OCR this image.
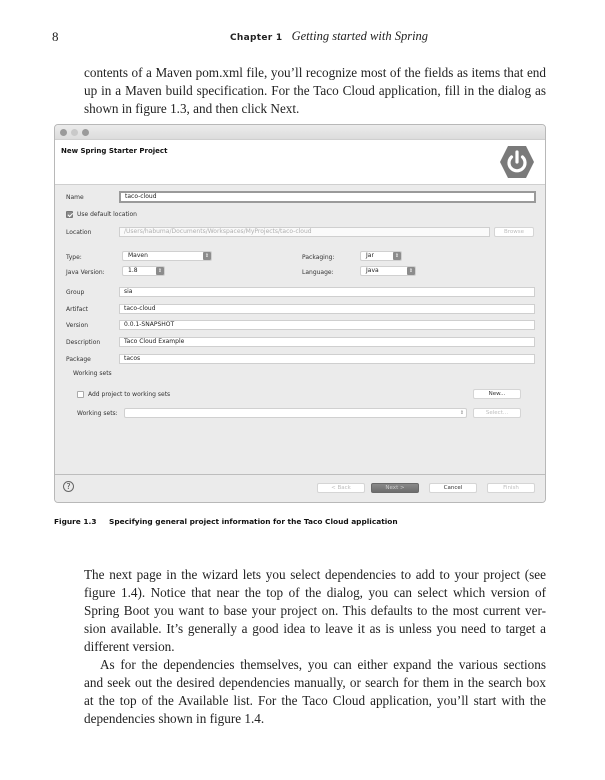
8	Chapter 1 Getting started with Spring
contents of a Maven pom.xml file, you’ll recognize most of the fields as items that end
up in a Maven build specification. For the Taco Cloud application, fill in the dialog as
shown in figure 1.3, and then click Next.
New Spring Starter Project
Name	taco-cloud
Use default location
Location	/Users/habuma/Documents/Workspaces/MyProjects/taco-cloud	Browse
Type:	Maven	⇕	Packaging:	Jar	⇕
Java Version:	1.8	⇕	Language:	Java	⇕
Group	sia
Artifact	taco-cloud
Version	0.0.1-SNAPSHOT
Description	Taco Cloud Example
Package	tacos
Working sets
Add project to working sets	New...
Working sets:	⇕	Select...
?	< Back	Next >	Cancel	Finish
Figure 1.3 Specifying general project information for the Taco Cloud application
The next page in the wizard lets you select dependencies to add to your project (see
figure 1.4). Notice that near the top of the dialog, you can select which version of
Spring Boot you want to base your project on. This defaults to the most current ver-
sion available. It’s generally a good idea to leave it as is unless you need to target a
different version.
As for the dependencies themselves, you can either expand the various sections
and seek out the desired dependencies manually, or search for them in the search box
at the top of the Available list. For the Taco Cloud application, you’ll start with the
dependencies shown in figure 1.4.
